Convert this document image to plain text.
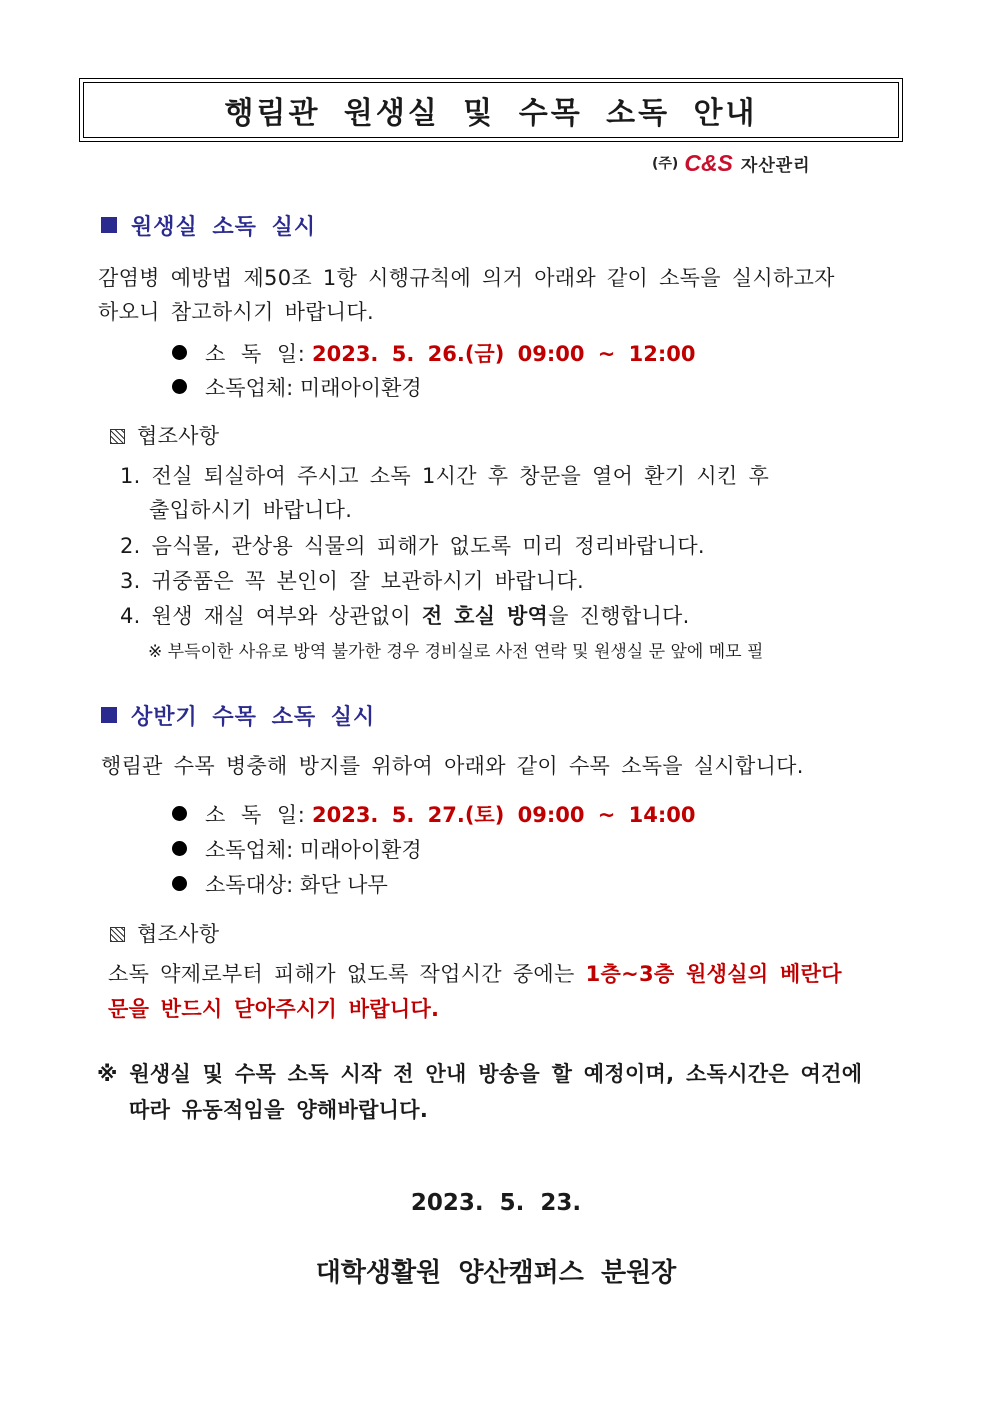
행림관 원생실 및 수목 소독 안내
(주) C&S 자산관리
원생실 소독 실시
감염병 예방법 제50조 1항 시행규칙에 의거 아래와 같이 소독을 실시하고자
하오니 참고하시기 바랍니다.
소 독 일: 2023. 5. 26.(금) 09:00 ~ 12:00
소독업체: 미래아이환경
협조사항
1. 전실 퇴실하여 주시고 소독 1시간 후 창문을 열어 환기 시킨 후
출입하시기 바랍니다.
2. 음식물, 관상용 식물의 피해가 없도록 미리 정리바랍니다.
3. 귀중품은 꼭 본인이 잘 보관하시기 바랍니다.
4. 원생 재실 여부와 상관없이 전 호실 방역을 진행합니다.
※ 부득이한 사유로 방역 불가한 경우 경비실로 사전 연락 및 원생실 문 앞에 메모 필
상반기 수목 소독 실시
행림관 수목 병충해 방지를 위하여 아래와 같이 수목 소독을 실시합니다.
소 독 일: 2023. 5. 27.(토) 09:00 ~ 14:00
소독업체: 미래아이환경
소독대상: 화단 나무
협조사항
소독 약제로부터 피해가 없도록 작업시간 중에는 1층~3층 원생실의 베란다
문을 반드시 닫아주시기 바랍니다.
※ 원생실 및 수목 소독 시작 전 안내 방송을 할 예정이며, 소독시간은 여건에
따라 유동적임을 양해바랍니다.
2023. 5. 23.
대학생활원 양산캠퍼스 분원장
